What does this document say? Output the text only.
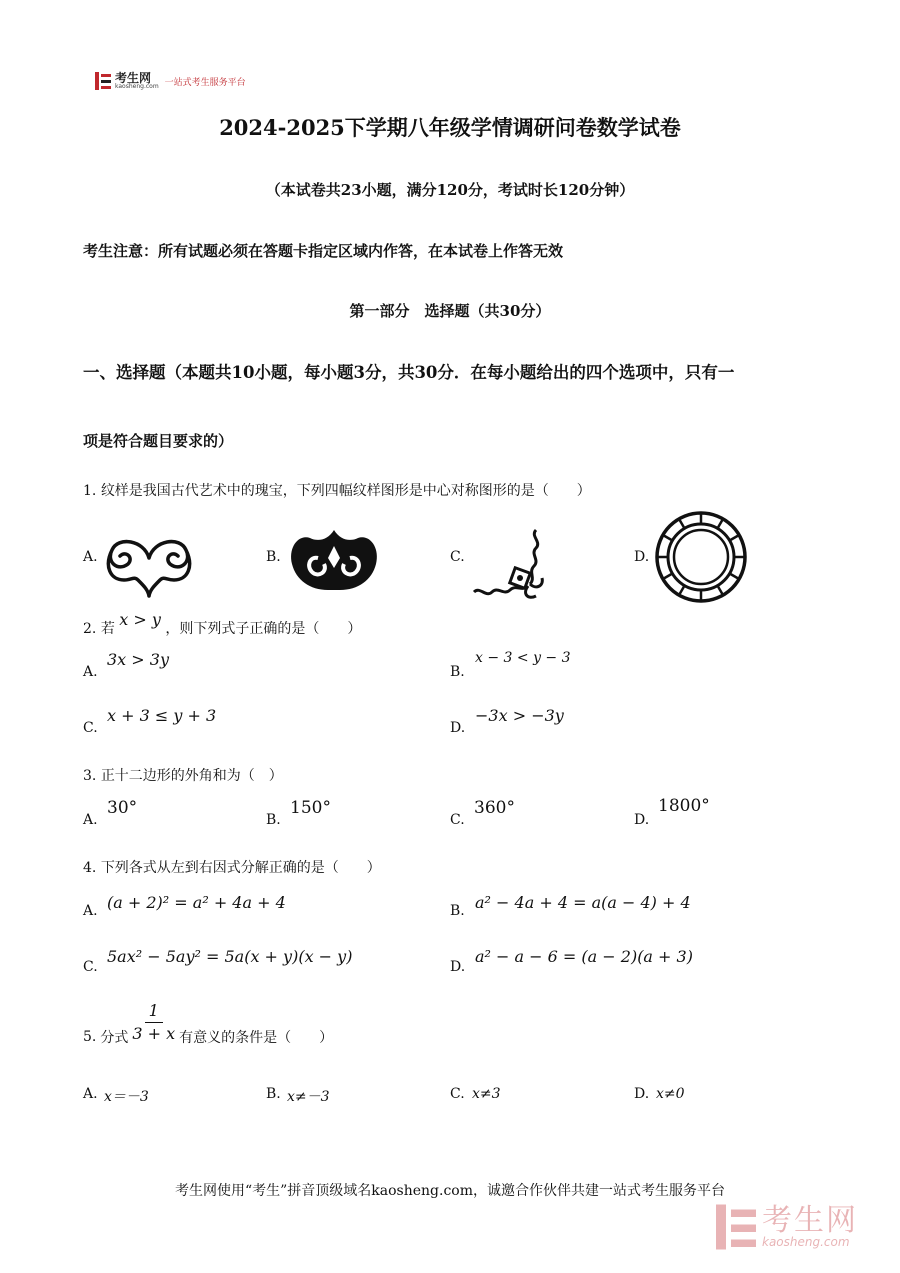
考生网
kaosheng.com 一站式考生服务平台
2024-2025下学期八年级学情调研问卷数学试卷
（本试卷共23小题，满分120分，考试时长120分钟）
考生注意：所有试题必须在答题卡指定区域内作答，在本试卷上作答无效
第一部分　选择题（共30分）
一、选择题（本题共10小题，每小题3分，共30分．在每小题给出的四个选项中，只有一
项是符合题目要求的）
1. 纹样是我国古代艺术中的瑰宝，下列四幅纹样图形是中心对称图形的是（　　）
A.	B.	C.	D.
2. 若 x > y ，则下列式子正确的是（　　）
A.
3x > 3y
B.
x − 3 < y − 3
C.
x + 3 ≤ y + 3
D.
−3x > −3y
3. 正十二边形的外角和为（　）
A.
30°
B.
150°
C.
360°
D.
1800°
4. 下列各式从左到右因式分解正确的是（　　）
A. (a + 2)² = a² + 4a + 4	B. a² − 4a + 4 = a(a − 4) + 4
C.
5ax² − 5ay² = 5a(x + y)(x − y)
D.
a² − a − 6 = (a − 2)(a + 3)
5. 分式 $\frac{1}{3 + x}$ 有意义的条件是（　　）
A. x＝－3	B. x≠－3	C. x≠3	D. x≠0
考生网使用“考生”拼音顶级域名kaosheng.com，诚邀合作伙伴共建一站式考生服务平台
考生网
kaosheng.com
